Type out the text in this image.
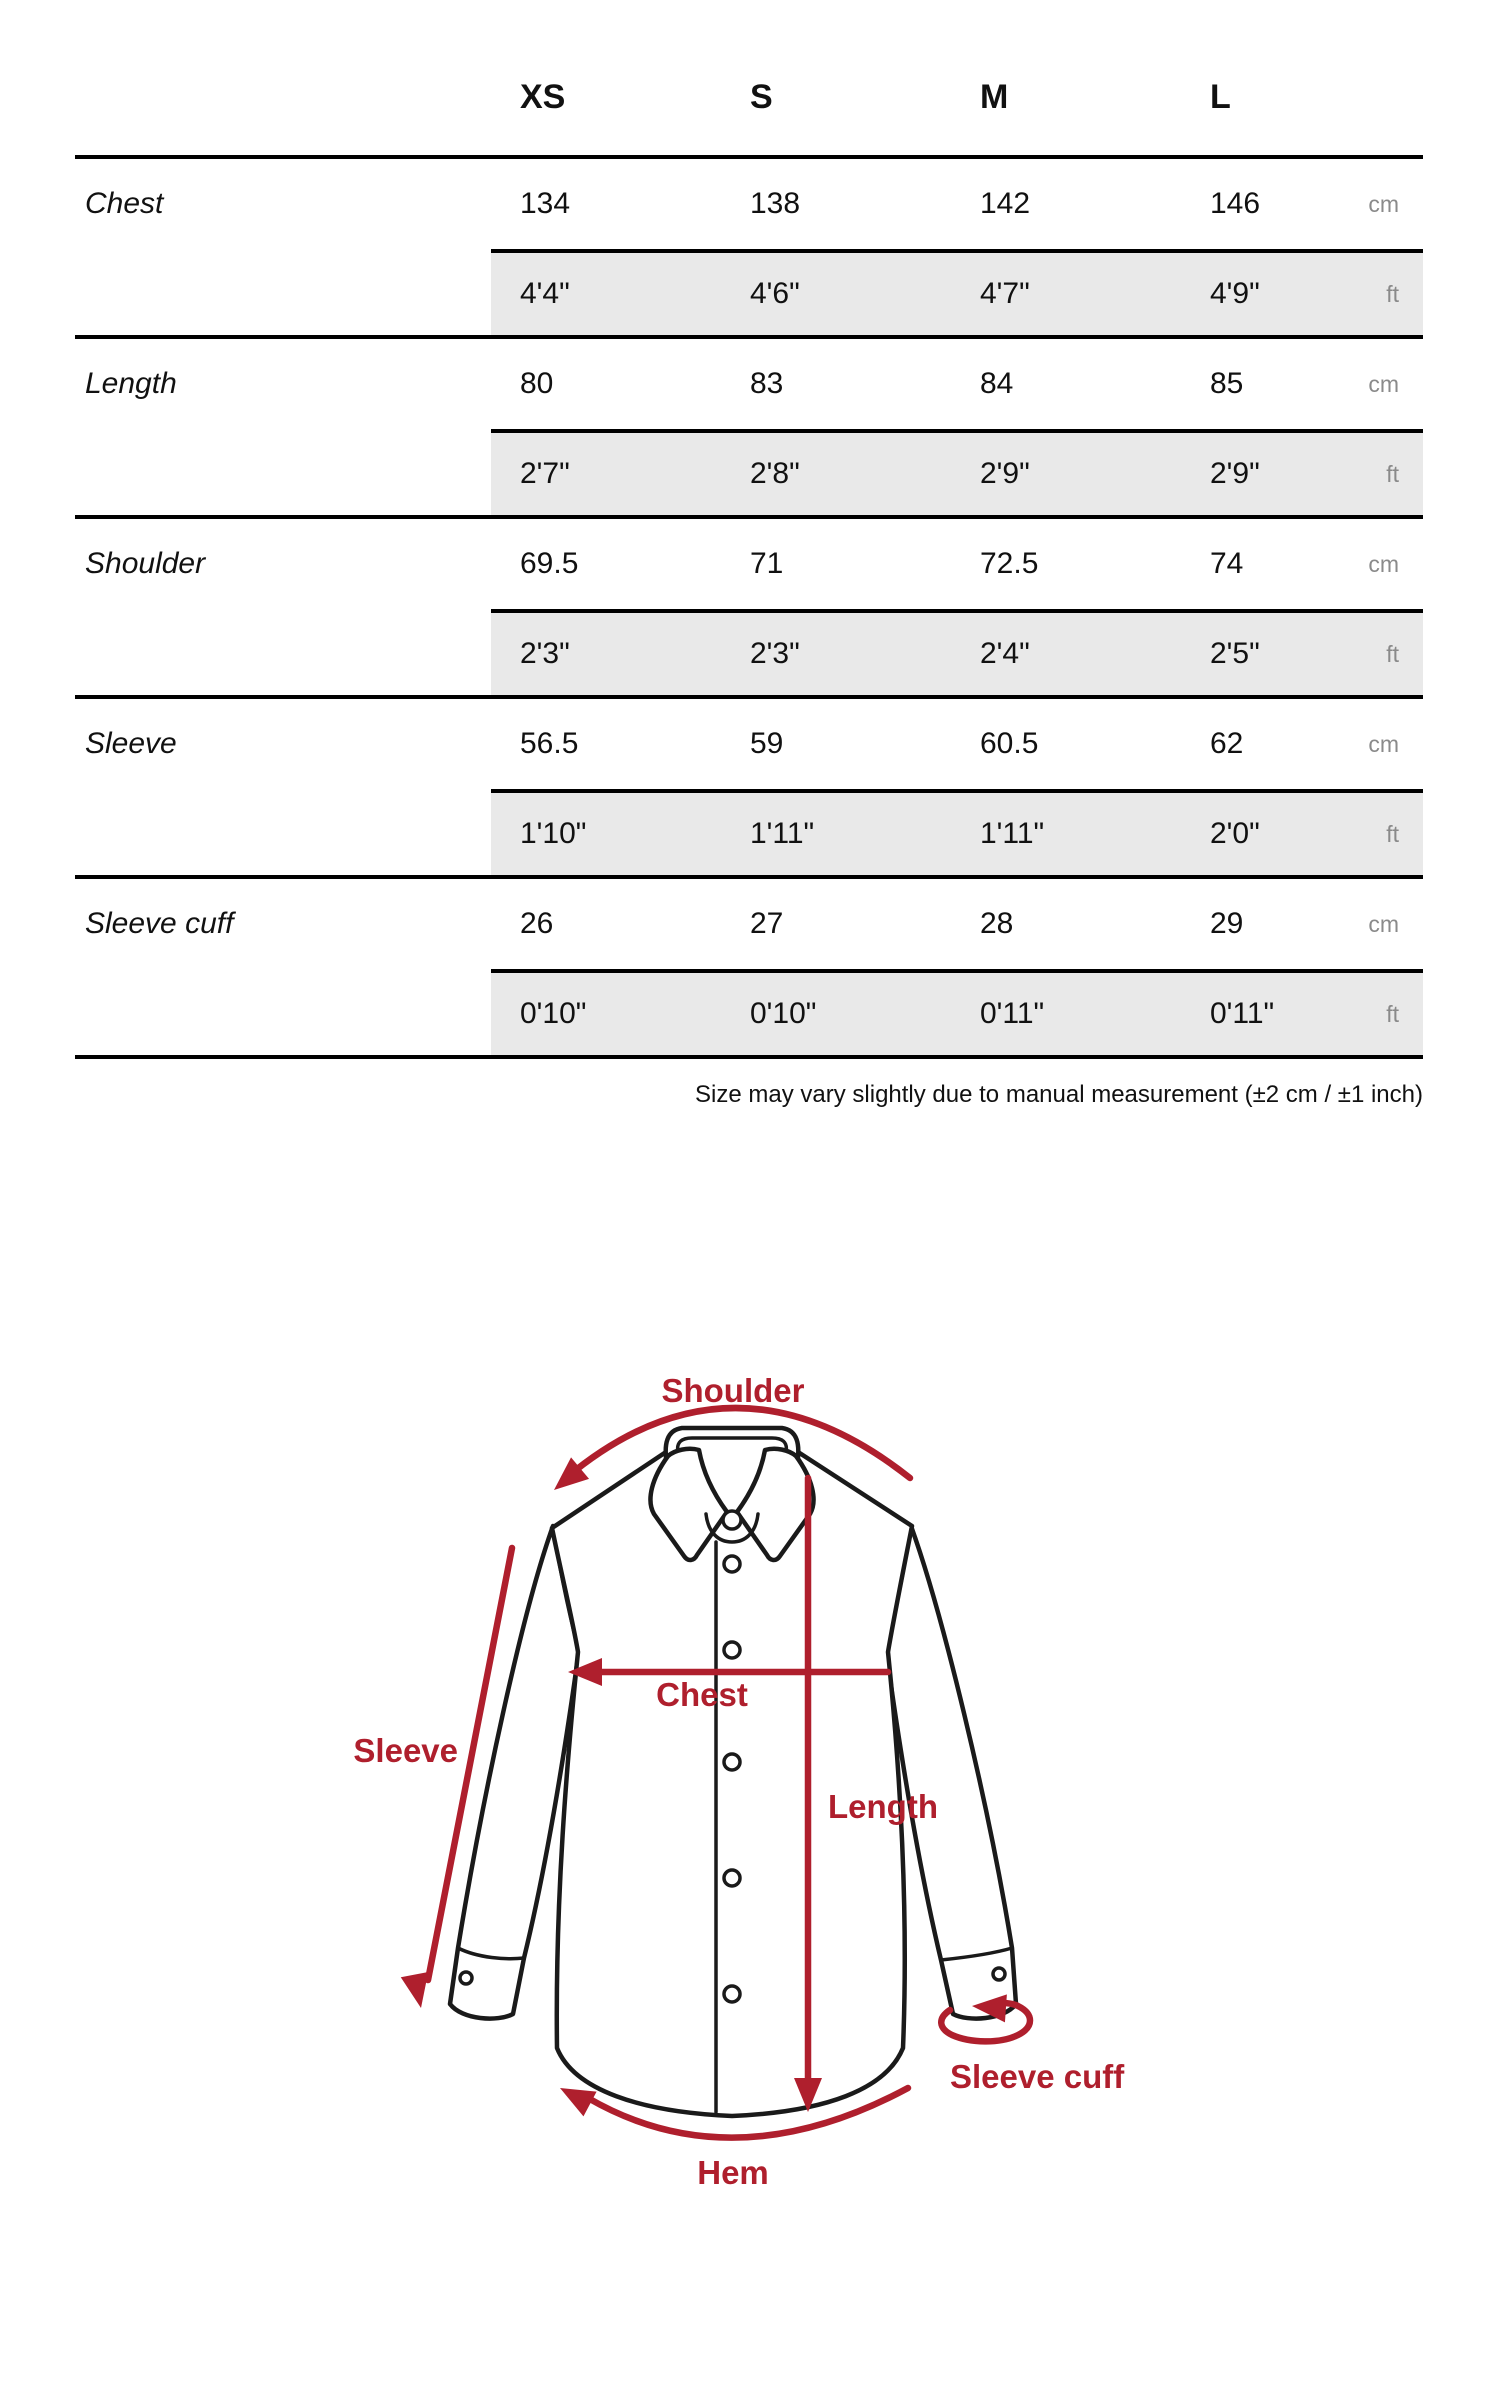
XS	S	M	L
Chest	134	138	142	146	cm
4'4"	4'6"	4'7"	4'9"	ft
Length	80	83	84	85	cm
2'7"	2'8"	2'9"	2'9"	ft
Shoulder	69.5	71	72.5	74	cm
2'3"	2'3"	2'4"	2'5"	ft
Sleeve	56.5	59	60.5	62	cm
1'10"	1'11"	1'11"	2'0"	ft
Sleeve cuff	26	27	28	29	cm
0'10"	0'10"	0'11"	0'11"	ft
Size may vary slightly due to manual measurement (±2 cm / ±1 inch)
Shoulder
Sleeve
Chest
Length
Sleeve cuff
Hem
